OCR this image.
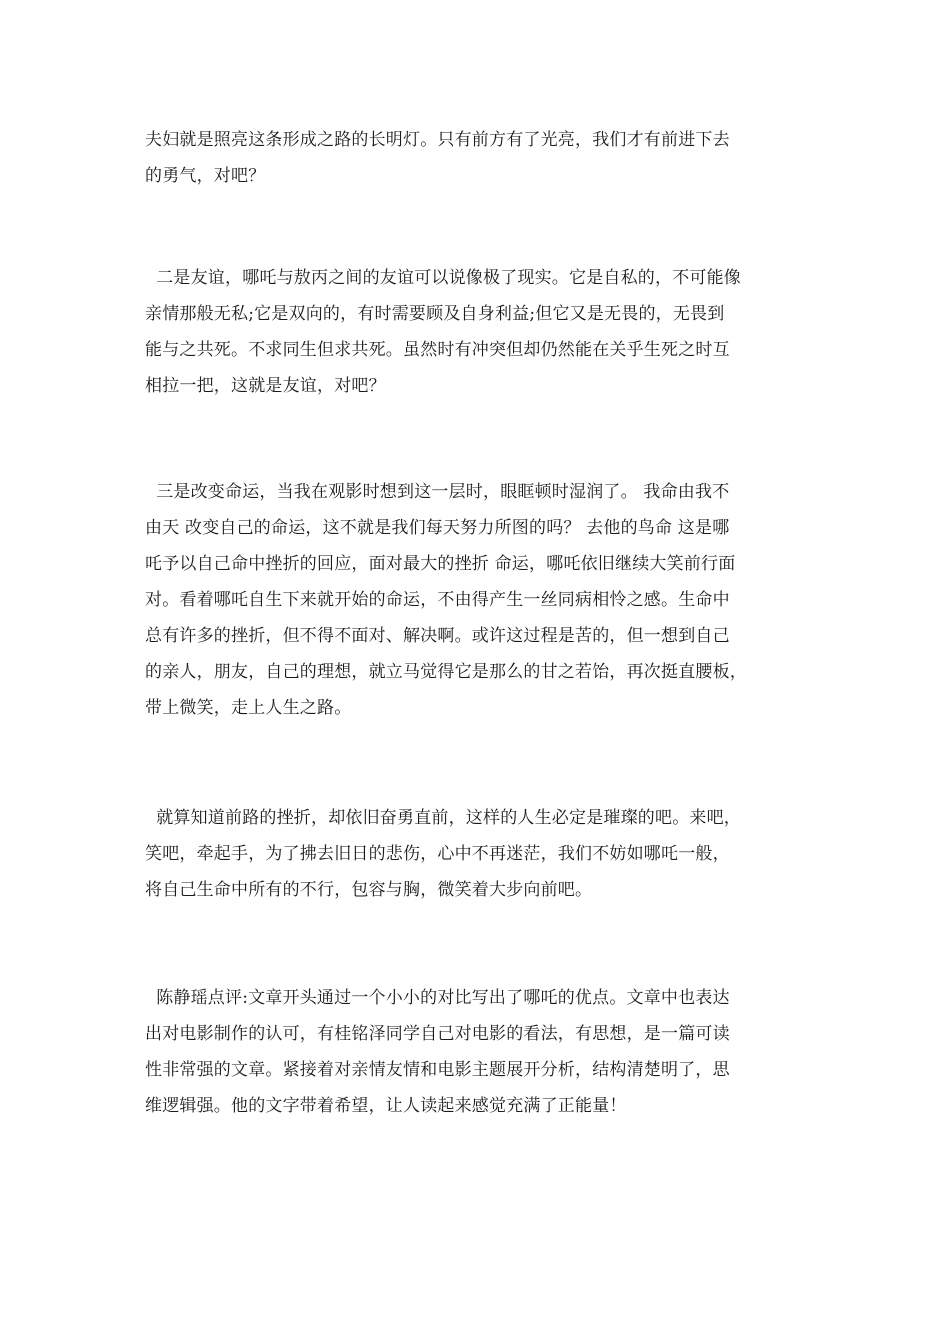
夫妇就是照亮这条形成之路的长明灯。只有前方有了光亮，我们才有前进下去
的勇气，对吧？
二是友谊，哪吒与敖丙之间的友谊可以说像极了现实。它是自私的，不可能像
亲情那般无私;它是双向的，有时需要顾及自身利益;但它又是无畏的，无畏到
能与之共死。不求同生但求共死。虽然时有冲突但却仍然能在关乎生死之时互
相拉一把，这就是友谊，对吧？
三是改变命运，当我在观影时想到这一层时，眼眶顿时湿润了。 我命由我不
由天 改变自己的命运，这不就是我们每天努力所图的吗？ 去他的鸟命 这是哪
吒予以自己命中挫折的回应，面对最大的挫折 命运，哪吒依旧继续大笑前行面
对。看着哪吒自生下来就开始的命运，不由得产生一丝同病相怜之感。生命中
总有许多的挫折，但不得不面对、解决啊。或许这过程是苦的，但一想到自己
的亲人，朋友，自己的理想，就立马觉得它是那么的甘之若饴，再次挺直腰板，
带上微笑，走上人生之路。
就算知道前路的挫折，却依旧奋勇直前，这样的人生必定是璀璨的吧。来吧，
笑吧，牵起手，为了拂去旧日的悲伤，心中不再迷茫，我们不妨如哪吒一般，
将自己生命中所有的不行，包容与胸，微笑着大步向前吧。
陈静瑶点评:文章开头通过一个小小的对比写出了哪吒的优点。文章中也表达
出对电影制作的认可，有桂铭泽同学自己对电影的看法，有思想，是一篇可读
性非常强的文章。紧接着对亲情友情和电影主题展开分析，结构清楚明了，思
维逻辑强。他的文字带着希望，让人读起来感觉充满了正能量！
